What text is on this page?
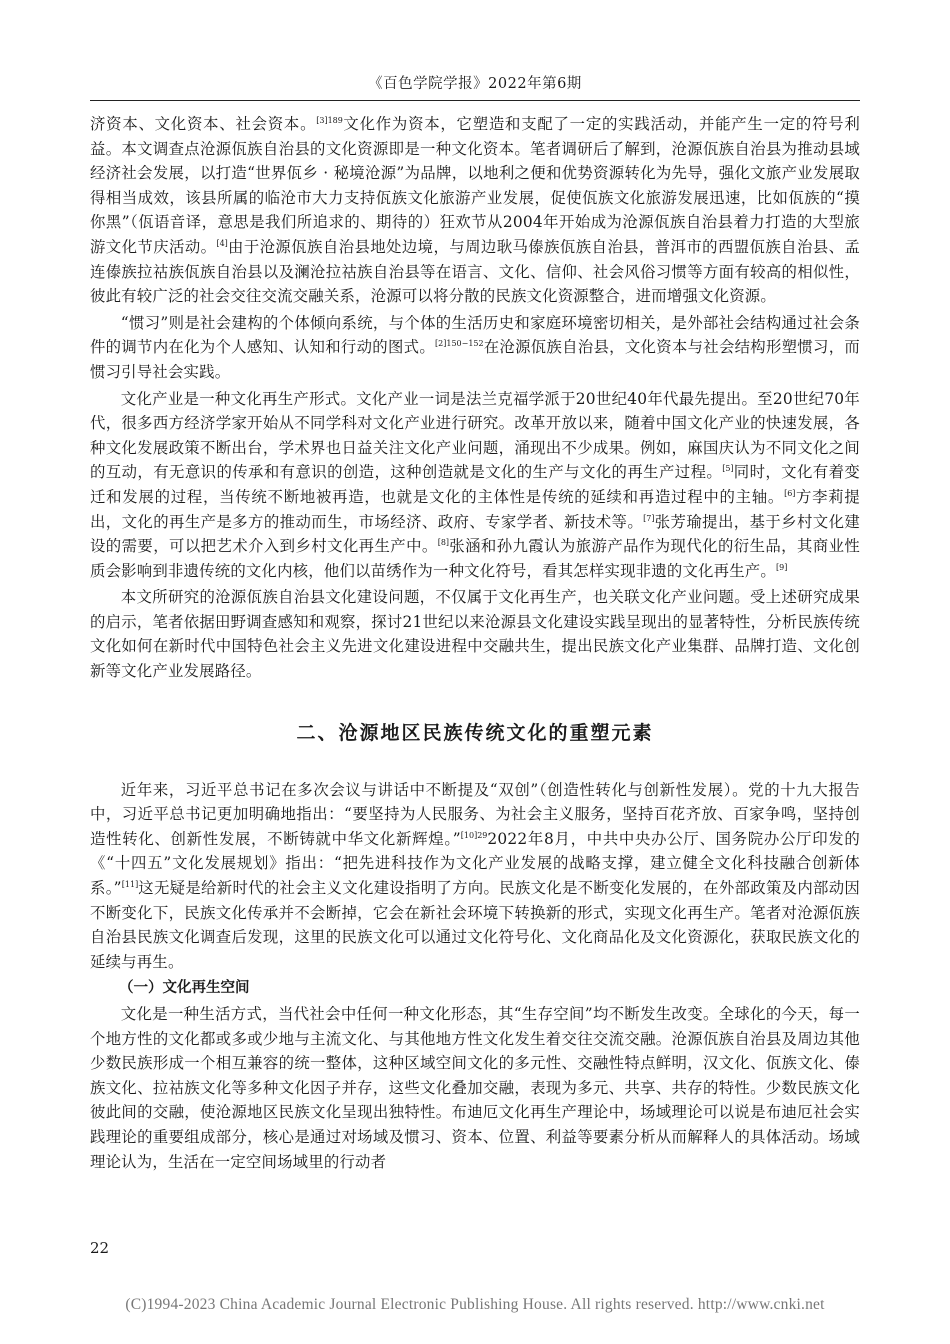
《百色学院学报》2022年第6期

济资本、文化资本、社会资本。$^{[3]189}$文化作为资本，它塑造和支配了一定的实践活动，并能产生一定的符号利益。本文调查点沧源佤族自治县的文化资源即是一种文化资本。笔者调研后了解到，沧源佤族自治县为推动县域经济社会发展，以打造“世界佤乡 · 秘境沧源”为品牌，以地利之便和优势资源转化为先导，强化文旅产业发展取得相当成效，该县所属的临沧市大力支持佤族文化旅游产业发展，促使佤族文化旅游发展迅速，比如佤族的“摸你黑”（佤语音译，意思是我们所追求的、期待的）狂欢节从2004年开始成为沧源佤族自治县着力打造的大型旅游文化节庆活动。[4]由于沧源佤族自治县地处边境，与周边耿马傣族佤族自治县，普洱市的西盟佤族自治县、孟连傣族拉祜族佤族自治县以及澜沧拉祜族自治县等在语言、文化、信仰、社会风俗习惯等方面有较高的相似性，彼此有较广泛的社会交往交流交融关系，沧源可以将分散的民族文化资源整合，进而增强文化资源。

“惯习”则是社会建构的个体倾向系统，与个体的生活历史和家庭环境密切相关，是外部社会结构通过社会条件的调节内在化为个人感知、认知和行动的图式。$^{[2]150-152}$在沧源佤族自治县，文化资本与社会结构形塑惯习，而惯习引导社会实践。

文化产业是一种文化再生产形式。文化产业一词是法兰克福学派于20世纪40年代最先提出。至20世纪70年代，很多西方经济学家开始从不同学科对文化产业进行研究。改革开放以来，随着中国文化产业的快速发展，各种文化发展政策不断出台，学术界也日益关注文化产业问题，涌现出不少成果。例如，麻国庆认为不同文化之间的互动，有无意识的传承和有意识的创造，这种创造就是文化的生产与文化的再生产过程。[5]同时，文化有着变迁和发展的过程，当传统不断地被再造，也就是文化的主体性是传统的延续和再造过程中的主轴。[6]方李莉提出，文化的再生产是多方的推动而生，市场经济、政府、专家学者、新技术等。[7]张芳瑜提出，基于乡村文化建设的需要，可以把艺术介入到乡村文化再生产中。[8]张涵和孙九霞认为旅游产品作为现代化的衍生品，其商业性质会影响到非遗传统的文化内核，他们以苗绣作为一种文化符号，看其怎样实现非遗的文化再生产。[9]

本文所研究的沧源佤族自治县文化建设问题，不仅属于文化再生产，也关联文化产业问题。受上述研究成果的启示，笔者依据田野调查感知和观察，探讨21世纪以来沧源县文化建设实践呈现出的显著特性，分析民族传统文化如何在新时代中国特色社会主义先进文化建设进程中交融共生，提出民族文化产业集群、品牌打造、文化创新等文化产业发展路径。

二、沧源地区民族传统文化的重塑元素

近年来，习近平总书记在多次会议与讲话中不断提及“双创”（创造性转化与创新性发展）。党的十九大报告中，习近平总书记更加明确地指出：“要坚持为人民服务、为社会主义服务，坚持百花齐放、百家争鸣，坚持创造性转化、创新性发展，不断铸就中华文化新辉煌。”$^{[10]29}$2022年8月，中共中央办公厅、国务院办公厅印发的《“十四五”文化发展规划》指出：“把先进科技作为文化产业发展的战略支撑，建立健全文化科技融合创新体系。”[11]这无疑是给新时代的社会主义文化建设指明了方向。民族文化是不断变化发展的，在外部政策及内部动因不断变化下，民族文化传承并不会断掉，它会在新社会环境下转换新的形式，实现文化再生产。笔者对沧源佤族自治县民族文化调查后发现，这里的民族文化可以通过文化符号化、文化商品化及文化资源化，获取民族文化的延续与再生。

（一）文化再生空间

文化是一种生活方式，当代社会中任何一种文化形态，其“生存空间”均不断发生改变。全球化的今天，每一个地方性的文化都或多或少地与主流文化、与其他地方性文化发生着交往交流交融。沧源佤族自治县及周边其他少数民族形成一个相互兼容的统一整体，这种区域空间文化的多元性、交融性特点鲜明，汉文化、佤族文化、傣族文化、拉祜族文化等多种文化因子并存，这些文化叠加交融，表现为多元、共享、共存的特性。少数民族文化彼此间的交融，使沧源地区民族文化呈现出独特性。布迪厄文化再生产理论中，场域理论可以说是布迪厄社会实践理论的重要组成部分，核心是通过对场域及惯习、资本、位置、利益等要素分析从而解释人的具体活动。场域理论认为，生活在一定空间场域里的行动者

22
(C)1994-2023 China Academic Journal Electronic Publishing House. All rights reserved. http://www.cnki.net
